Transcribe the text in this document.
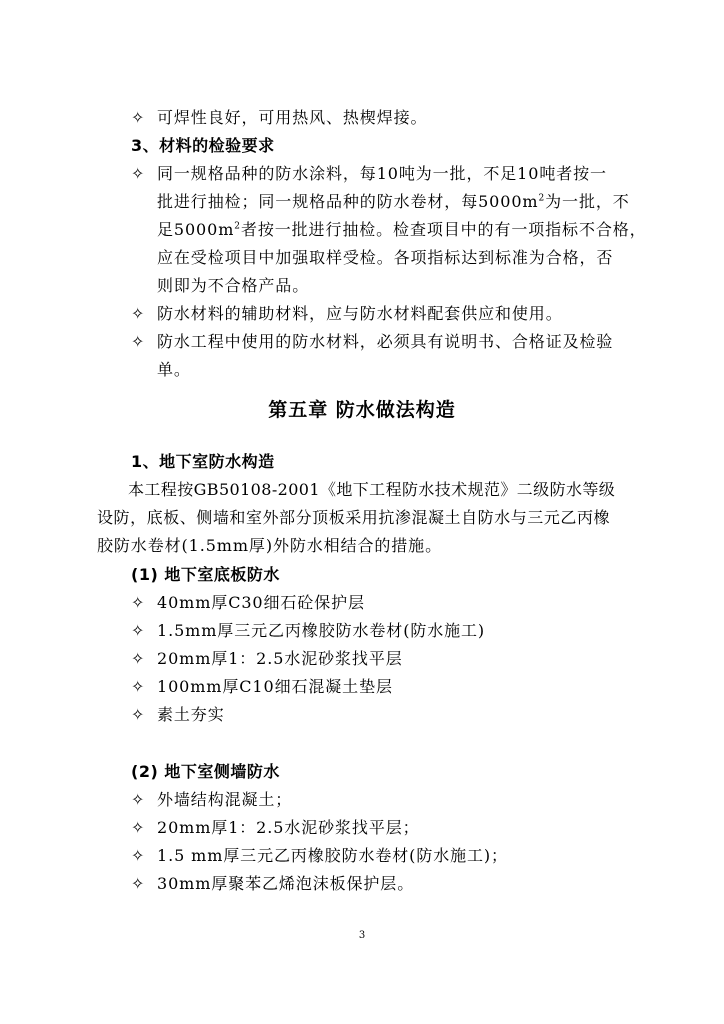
✧ 可焊性良好，可用热风、热楔焊接。
3、材料的检验要求
✧ 同一规格品种的防水涂料，每10吨为一批，不足10吨者按一
批进行抽检；同一规格品种的防水卷材，每$5000m^2$为一批，不
足$5000m^2$者按一批进行抽检。检查项目中的有一项指标不合格，
应在受检项目中加强取样受检。各项指标达到标准为合格，否
则即为不合格产品。
✧ 防水材料的辅助材料，应与防水材料配套供应和使用。
✧ 防水工程中使用的防水材料，必须具有说明书、合格证及检验
单。
第五章 防水做法构造
1、地下室防水构造
本工程按GB50108-2001《地下工程防水技术规范》二级防水等级
设防，底板、侧墙和室外部分顶板采用抗渗混凝土自防水与三元乙丙橡
胶防水卷材(1.5mm厚)外防水相结合的措施。
(1) 地下室底板防水
✧ 40mm厚C30细石砼保护层
✧ 1.5mm厚三元乙丙橡胶防水卷材(防水施工)
✧ 20mm厚1：2.5水泥砂浆找平层
✧ 100mm厚C10细石混凝土垫层
✧ 素土夯实
(2) 地下室侧墙防水
✧ 外墙结构混凝土；
✧ 20mm厚1：2.5水泥砂浆找平层；
✧ 1.5 mm厚三元乙丙橡胶防水卷材(防水施工)；
✧ 30mm厚聚苯乙烯泡沫板保护层。
3
